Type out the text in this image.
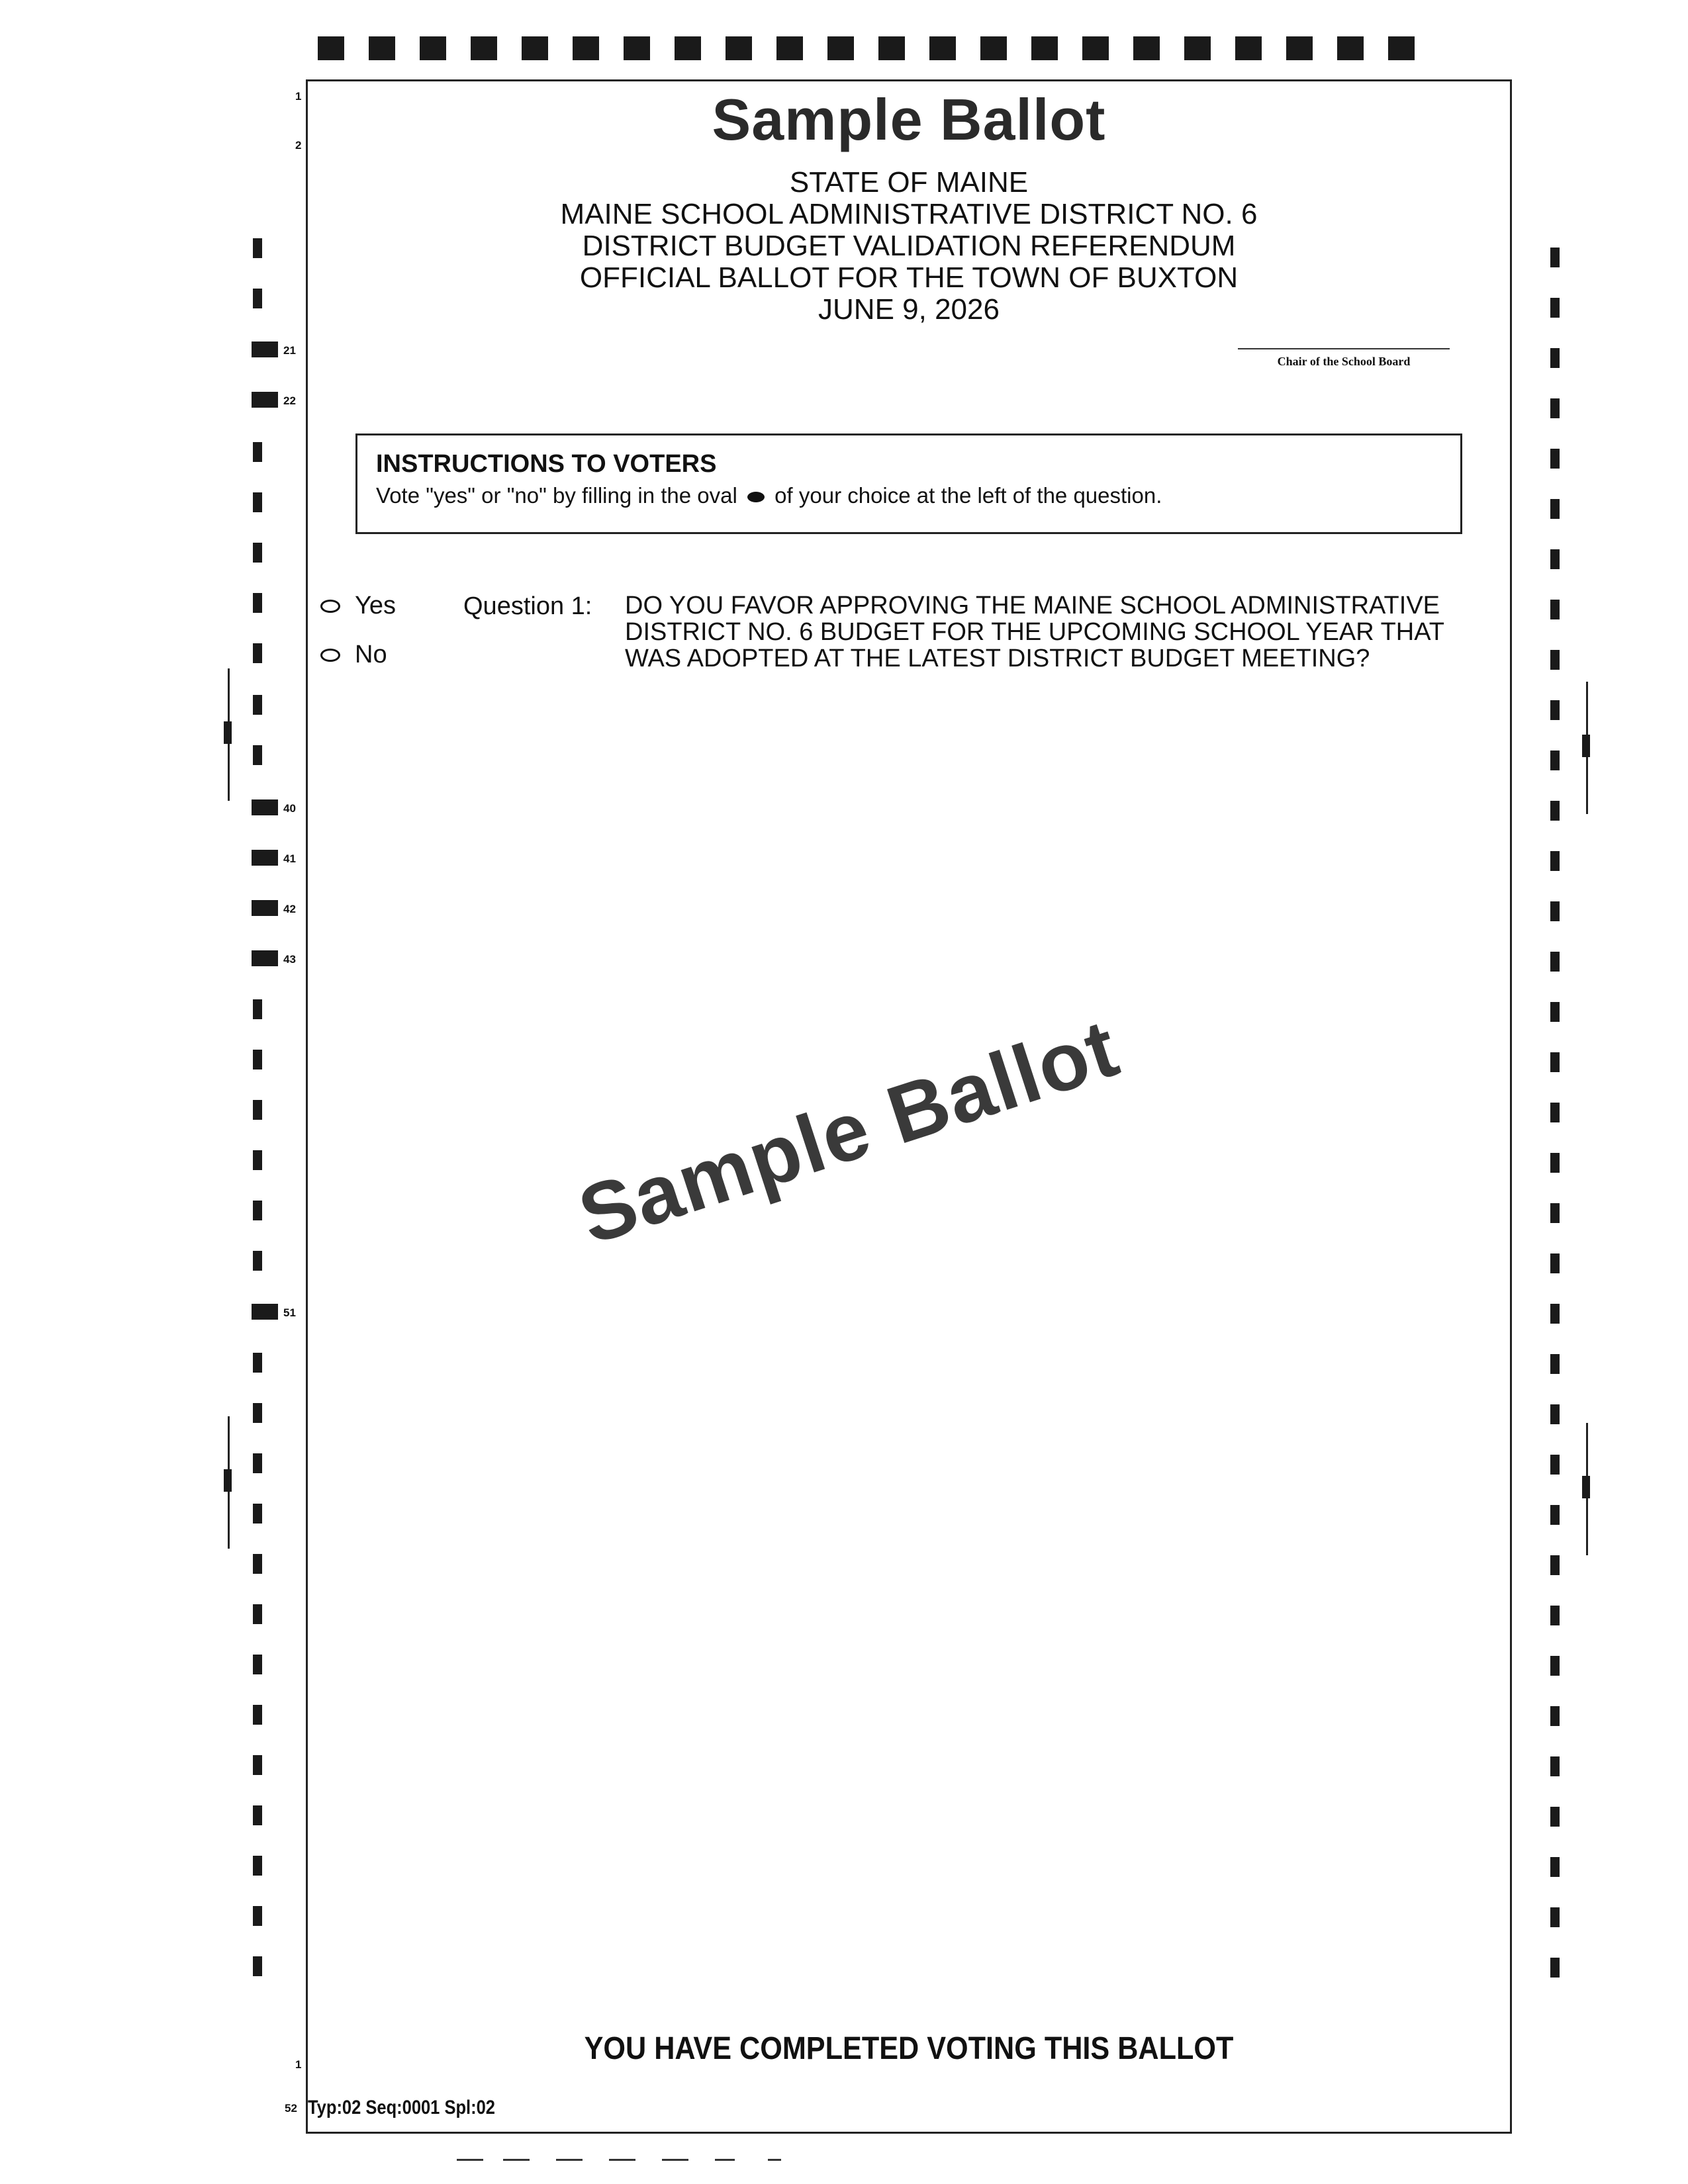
1
2
21
22
40
41
42
43
51
1
52
Sample Ballot
STATE OF MAINE
MAINE SCHOOL ADMINISTRATIVE DISTRICT NO. 6
DISTRICT BUDGET VALIDATION REFERENDUM
OFFICIAL BALLOT FOR THE TOWN OF BUXTON
JUNE 9, 2026
Chair of the School Board
INSTRUCTIONS TO VOTERS
Vote "yes" or "no" by filling in the oval of your choice at the left of the question.
Yes
No
Question 1: DO YOU FAVOR APPROVING THE MAINE SCHOOL ADMINISTRATIVE DISTRICT NO. 6 BUDGET FOR THE UPCOMING SCHOOL YEAR THAT WAS ADOPTED AT THE LATEST DISTRICT BUDGET MEETING?
Sample Ballot
YOU HAVE COMPLETED VOTING THIS BALLOT
Typ:02 Seq:0001 Spl:02
